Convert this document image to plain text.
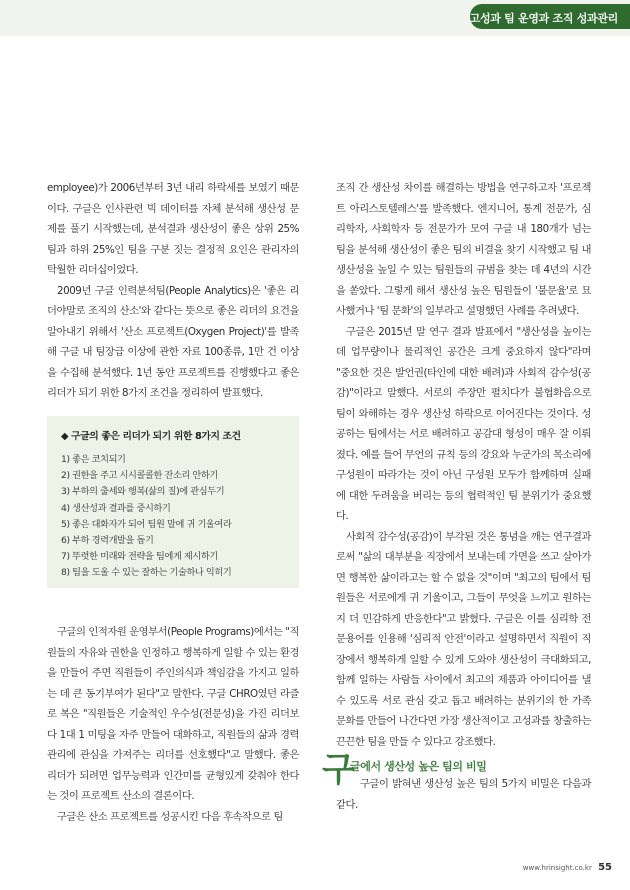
고성과 팀 운영과 조직 성과관리

employee)가 2006년부터 3년 내리 하락세를 보였기 때문이다. 구글은 인사관련 빅 데이터를 자체 분석해 생산성 문제를 풀기 시작했는데, 분석결과 생산성이 좋은 상위 25% 팀과 하위 25%인 팀을 구분 짓는 결정적 요인은 관리자의 탁월한 리더십이었다.

2009년 구글 인력분석팀(People Analytics)은 '좋은 리더야말로 조직의 산소'와 같다는 뜻으로 좋은 리더의 요건을 알아내기 위해서 '산소 프로젝트(Oxygen Project)'를 발족해 구글 내 팀장급 이상에 관한 자료 100종류, 1만 건 이상을 수집해 분석했다. 1년 동안 프로젝트를 진행했다고 좋은 리더가 되기 위한 8가지 조건을 정리하여 발표했다.

◆ 구글의 좋은 리더가 되기 위한 8가지 조건
1) 좋은 코치되기
2) 권한을 주고 시시콜콜한 잔소리 안하기
3) 부하의 출세와 행복(삶의 질)에 관심두기
4) 생산성과 결과를 중시하기
5) 좋은 대화자가 되어 팀원 말에 귀 기울여라
6) 부하 경력개발을 돕기
7) 뚜렷한 미래와 전략을 팀에게 제시하기
8) 팀을 도울 수 있는 잘하는 기술하나 익히기

구글의 인적자원 운영부서(People Programs)에서는 "직원들의 자유와 권한을 인정하고 행복하게 일할 수 있는 환경을 만들어 주면 직원들이 주인의식과 책임감을 가지고 일하는 데 큰 동기부여가 된다"고 말한다. 구글 CHRO였던 라즐로 복은 "직원들은 기술적인 우수성(전문성)을 가진 리더보다 1대 1 미팅을 자주 만들어 대화하고, 직원들의 삶과 경력관리에 관심을 가져주는 리더를 선호했다"고 말했다. 좋은 리더가 되려면 업무능력과 인간미를 균형있게 갖춰야 한다는 것이 프로젝트 산소의 결론이다.

구글은 산소 프로젝트를 성공시킨 다음 후속작으로 팀

조직 간 생산성 차이를 해결하는 방법을 연구하고자 '프로젝트 아리스토텔레스'를 발족했다. 엔지니어, 통계 전문가, 심리학자, 사회학자 등 전문가가 모여 구글 내 180개가 넘는 팀을 분석해 생산성이 좋은 팀의 비결을 찾기 시작했고 팀 내 생산성을 높일 수 있는 팀원들의 규범을 찾는 데 4년의 시간을 쏟았다. 그렇게 해서 생산성 높은 팀원들이 '불문율'로 묘사했거나 '팀 문화'의 일부라고 설명했던 사례를 추려냈다.

구글은 2015년 말 연구 결과 발표에서 "생산성을 높이는 데 업무량이나 물리적인 공간은 크게 중요하지 않다"라며 "중요한 것은 발언권(타인에 대한 배려)과 사회적 감수성(공감)"이라고 말했다. 서로의 주장만 펼치다가 불협화음으로 팀이 와해하는 경우 생산성 하락으로 이어진다는 것이다. 성공하는 팀에서는 서로 배려하고 공감대 형성이 매우 잘 이뤄졌다. 예를 들어 무언의 규칙 등의 강요와 누군가의 목소리에 구성원이 따라가는 것이 아닌 구성원 모두가 함께하며 실패에 대한 두려움을 버리는 등의 협력적인 팀 분위기가 중요했다.

사회적 감수성(공감)이 부각된 것은 통념을 깨는 연구결과로써 "삶의 대부분을 직장에서 보내는데 가면을 쓰고 살아가면 행복한 삶이라고는 할 수 없을 것"이며 "최고의 팀에서 팀원들은 서로에게 귀 기울이고, 그들이 무엇을 느끼고 원하는지 더 민감하게 반응한다"고 밝혔다. 구글은 이를 심리학 전문용어를 인용해 '심리적 안전'이라고 설명하면서 직원이 직장에서 행복하게 일할 수 있게 도와야 생산성이 극대화되고, 함께 일하는 사람들 사이에서 최고의 제품과 아이디어를 낼 수 있도록 서로 관심 갖고 돕고 배려하는 분위기의 한 가족 문화를 만들어 나간다면 가장 생산적이고 고성과를 창출하는 끈끈한 팀을 만들 수 있다고 강조했다.

구
글에서 생산성 높은 팀의 비밀

구글이 밝혀낸 생산성 높은 팀의 5가지 비밀은 다음과 같다.

www.hrinsight.co.kr 55
